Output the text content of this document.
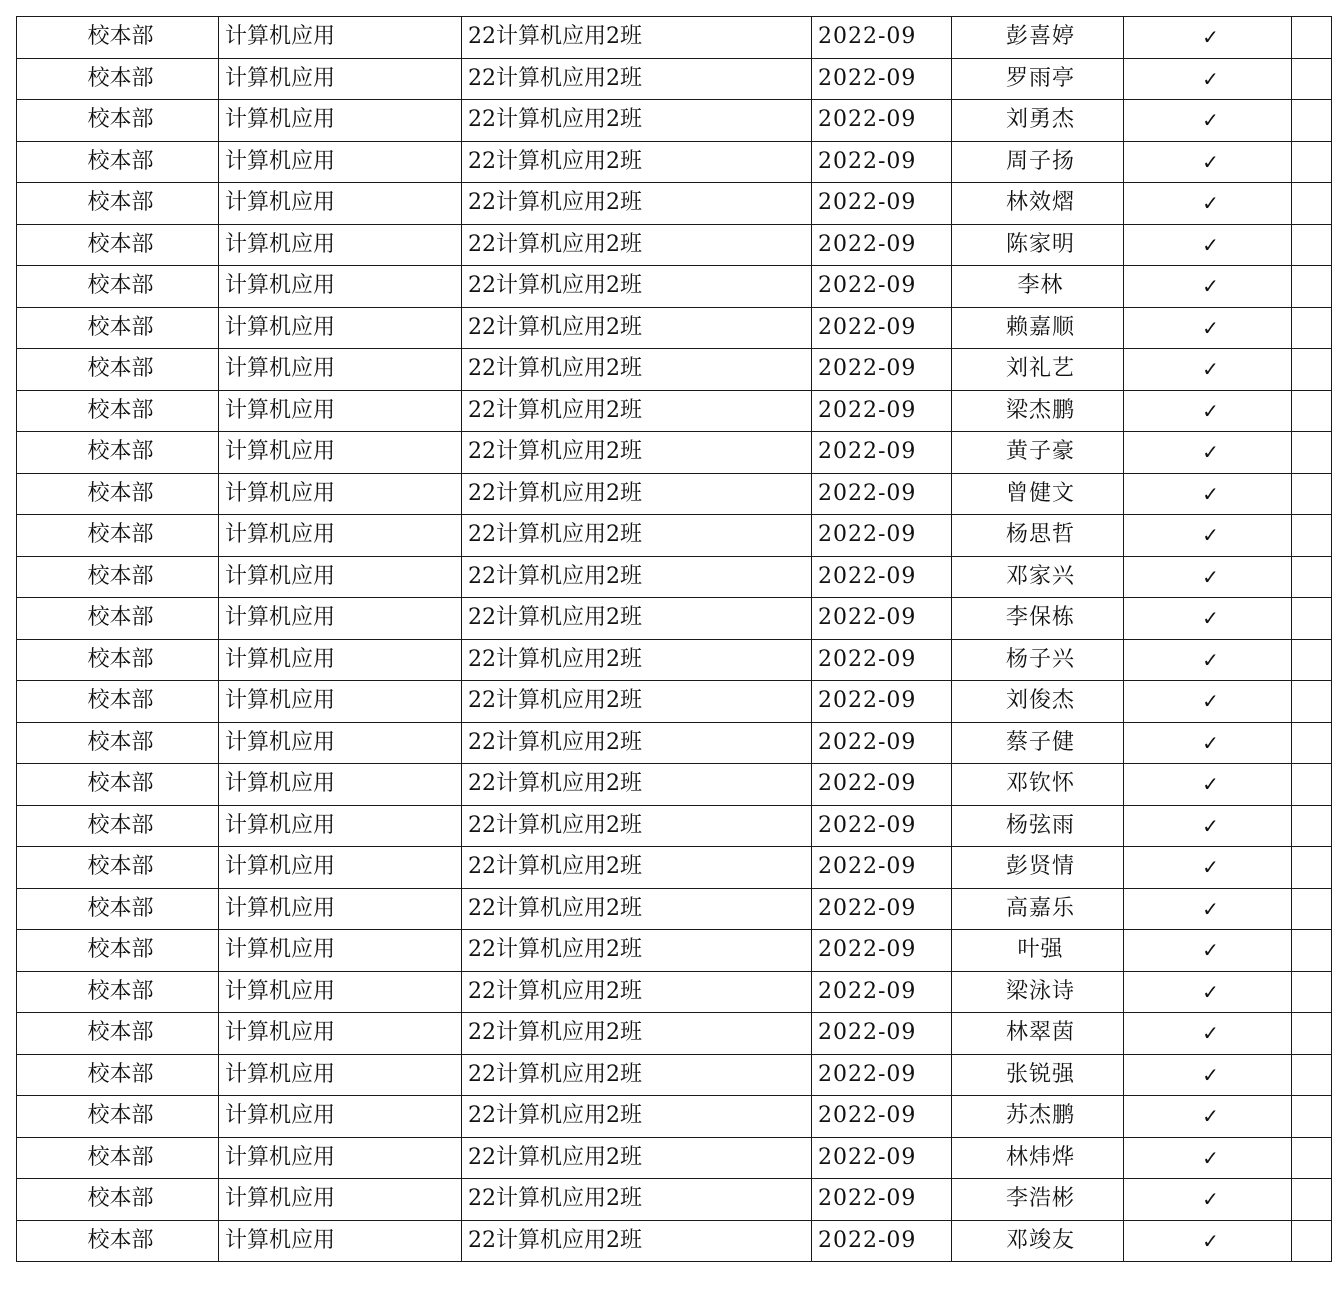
校本部	计算机应用	22计算机应用2班	2022-09	彭喜婷	✓	
校本部	计算机应用	22计算机应用2班	2022-09	罗雨亭	✓	
校本部	计算机应用	22计算机应用2班	2022-09	刘勇杰	✓	
校本部	计算机应用	22计算机应用2班	2022-09	周子扬	✓	
校本部	计算机应用	22计算机应用2班	2022-09	林效熠	✓	
校本部	计算机应用	22计算机应用2班	2022-09	陈家明	✓	
校本部	计算机应用	22计算机应用2班	2022-09	李林	✓	
校本部	计算机应用	22计算机应用2班	2022-09	赖嘉顺	✓	
校本部	计算机应用	22计算机应用2班	2022-09	刘礼艺	✓	
校本部	计算机应用	22计算机应用2班	2022-09	梁杰鹏	✓	
校本部	计算机应用	22计算机应用2班	2022-09	黄子豪	✓	
校本部	计算机应用	22计算机应用2班	2022-09	曾健文	✓	
校本部	计算机应用	22计算机应用2班	2022-09	杨思哲	✓	
校本部	计算机应用	22计算机应用2班	2022-09	邓家兴	✓	
校本部	计算机应用	22计算机应用2班	2022-09	李保栋	✓	
校本部	计算机应用	22计算机应用2班	2022-09	杨子兴	✓	
校本部	计算机应用	22计算机应用2班	2022-09	刘俊杰	✓	
校本部	计算机应用	22计算机应用2班	2022-09	蔡子健	✓	
校本部	计算机应用	22计算机应用2班	2022-09	邓钦怀	✓	
校本部	计算机应用	22计算机应用2班	2022-09	杨弦雨	✓	
校本部	计算机应用	22计算机应用2班	2022-09	彭贤情	✓	
校本部	计算机应用	22计算机应用2班	2022-09	高嘉乐	✓	
校本部	计算机应用	22计算机应用2班	2022-09	叶强	✓	
校本部	计算机应用	22计算机应用2班	2022-09	梁泳诗	✓	
校本部	计算机应用	22计算机应用2班	2022-09	林翠茵	✓	
校本部	计算机应用	22计算机应用2班	2022-09	张锐强	✓	
校本部	计算机应用	22计算机应用2班	2022-09	苏杰鹏	✓	
校本部	计算机应用	22计算机应用2班	2022-09	林炜烨	✓	
校本部	计算机应用	22计算机应用2班	2022-09	李浩彬	✓	
校本部	计算机应用	22计算机应用2班	2022-09	邓竣友	✓	
